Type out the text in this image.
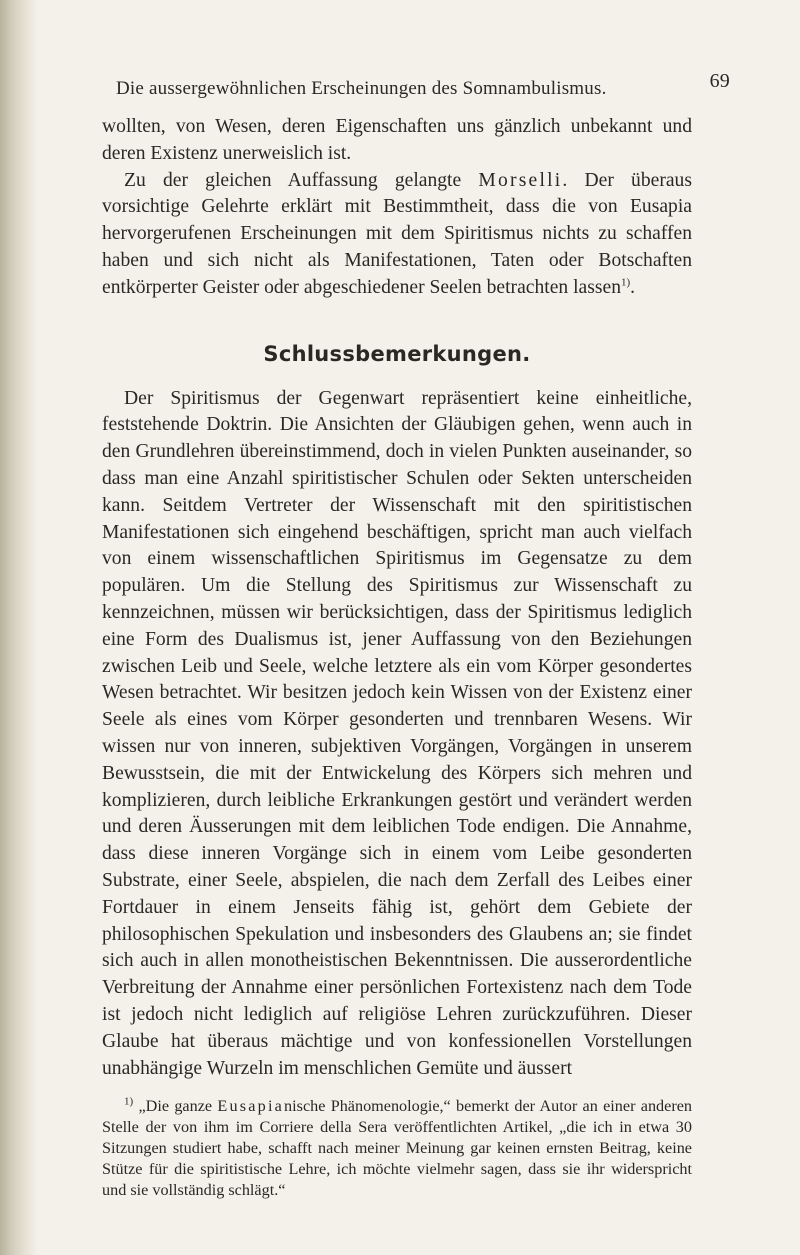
Die aussergewöhnlichen Erscheinungen des Somnambulismus.	69

wollten, von Wesen, deren Eigenschaften uns gänzlich unbekannt und deren Existenz unerweislich ist.

Zu der gleichen Auffassung gelangte Morselli. Der überaus vorsichtige Gelehrte erklärt mit Bestimmtheit, dass die von Eusapia hervorgerufenen Erscheinungen mit dem Spiritismus nichts zu schaffen haben und sich nicht als Manifestationen, Taten oder Botschaften entkörperter Geister oder abgeschiedener Seelen betrachten lassen$^{1)}$.

Schlussbemerkungen.

Der Spiritismus der Gegenwart repräsentiert keine einheitliche, feststehende Doktrin. Die Ansichten der Gläubigen gehen, wenn auch in den Grundlehren übereinstimmend, doch in vielen Punkten auseinander, so dass man eine Anzahl spiritistischer Schulen oder Sekten unterscheiden kann. Seitdem Vertreter der Wissenschaft mit den spiritistischen Manifestationen sich eingehend beschäftigen, spricht man auch vielfach von einem wissenschaftlichen Spiritismus im Gegensatze zu dem populären. Um die Stellung des Spiritismus zur Wissenschaft zu kennzeichnen, müssen wir berücksichtigen, dass der Spiritismus lediglich eine Form des Dualismus ist, jener Auffassung von den Beziehungen zwischen Leib und Seele, welche letztere als ein vom Körper gesondertes Wesen betrachtet. Wir besitzen jedoch kein Wissen von der Existenz einer Seele als eines vom Körper gesonderten und trennbaren Wesens. Wir wissen nur von inneren, subjektiven Vorgängen, Vorgängen in unserem Bewusstsein, die mit der Entwickelung des Körpers sich mehren und komplizieren, durch leibliche Erkrankungen gestört und verändert werden und deren Äusserungen mit dem leiblichen Tode endigen. Die Annahme, dass diese inneren Vorgänge sich in einem vom Leibe gesonderten Substrate, einer Seele, abspielen, die nach dem Zerfall des Leibes einer Fortdauer in einem Jenseits fähig ist, gehört dem Gebiete der philosophischen Spekulation und insbesonders des Glaubens an; sie findet sich auch in allen monotheistischen Bekenntnissen. Die ausserordentliche Verbreitung der Annahme einer persönlichen Fortexistenz nach dem Tode ist jedoch nicht lediglich auf religiöse Lehren zurückzuführen. Dieser Glaube hat überaus mächtige und von konfessionellen Vorstellungen unabhängige Wurzeln im menschlichen Gemüte und äussert

$^{1)}$ „Die ganze Eusapianische Phänomenologie,“ bemerkt der Autor an einer anderen Stelle der von ihm im Corriere della Sera veröffentlichten Artikel, „die ich in etwa 30 Sitzungen studiert habe, schafft nach meiner Meinung gar keinen ernsten Beitrag, keine Stütze für die spiritistische Lehre, ich möchte vielmehr sagen, dass sie ihr widerspricht und sie vollständig schlägt.“
